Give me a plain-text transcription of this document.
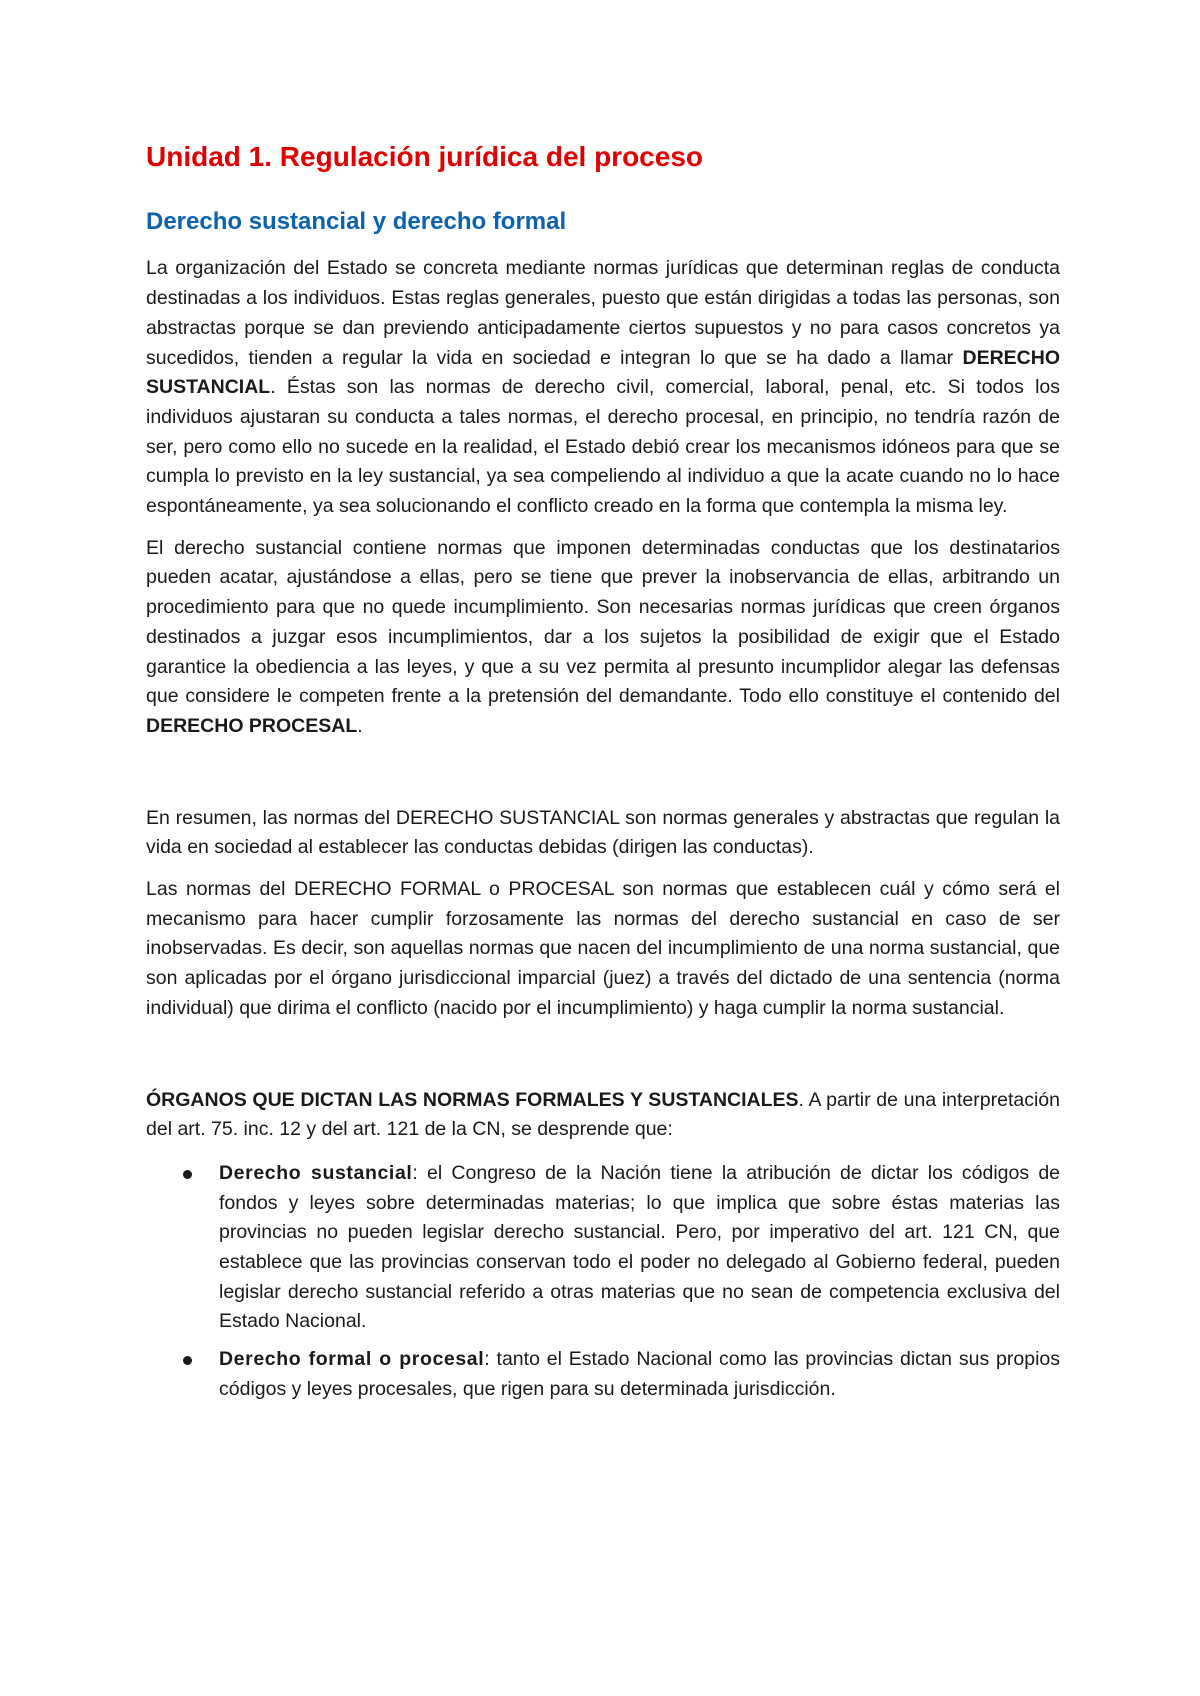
Unidad 1. Regulación jurídica del proceso
Derecho sustancial y derecho formal

La organización del Estado se concreta mediante normas jurídicas que determinan reglas de conducta destinadas a los individuos. Estas reglas generales, puesto que están dirigidas a todas las personas, son abstractas porque se dan previendo anticipadamente ciertos supuestos y no para casos concretos ya sucedidos, tienden a regular la vida en sociedad e integran lo que se ha dado a llamar DERECHO SUSTANCIAL. Éstas son las normas de derecho civil, comercial, laboral, penal, etc. Si todos los individuos ajustaran su conducta a tales normas, el derecho procesal, en principio, no tendría razón de ser, pero como ello no sucede en la realidad, el Estado debió crear los mecanismos idóneos para que se cumpla lo previsto en la ley sustancial, ya sea compeliendo al individuo a que la acate cuando no lo hace espontáneamente, ya sea solucionando el conflicto creado en la forma que contempla la misma ley.

El derecho sustancial contiene normas que imponen determinadas conductas que los destinatarios pueden acatar, ajustándose a ellas, pero se tiene que prever la inobservancia de ellas, arbitrando un procedimiento para que no quede incumplimiento. Son necesarias normas jurídicas que creen órganos destinados a juzgar esos incumplimientos, dar a los sujetos la posibilidad de exigir que el Estado garantice la obediencia a las leyes, y que a su vez permita al presunto incumplidor alegar las defensas que considere le competen frente a la pretensión del demandante. Todo ello constituye el contenido del DERECHO PROCESAL.

En resumen, las normas del DERECHO SUSTANCIAL son normas generales y abstractas que regulan la vida en sociedad al establecer las conductas debidas (dirigen las conductas).

Las normas del DERECHO FORMAL o PROCESAL son normas que establecen cuál y cómo será el mecanismo para hacer cumplir forzosamente las normas del derecho sustancial en caso de ser inobservadas. Es decir, son aquellas normas que nacen del incumplimiento de una norma sustancial, que son aplicadas por el órgano jurisdiccional imparcial (juez) a través del dictado de una sentencia (norma individual) que dirima el conflicto (nacido por el incumplimiento) y haga cumplir la norma sustancial.

ÓRGANOS QUE DICTAN LAS NORMAS FORMALES Y SUSTANCIALES. A partir de una interpretación del art. 75. inc. 12 y del art. 121 de la CN, se desprende que:

Derecho sustancial: el Congreso de la Nación tiene la atribución de dictar los códigos de fondos y leyes sobre determinadas materias; lo que implica que sobre éstas materias las provincias no pueden legislar derecho sustancial. Pero, por imperativo del art. 121 CN, que establece que las provincias conservan todo el poder no delegado al Gobierno federal, pueden legislar derecho sustancial referido a otras materias que no sean de competencia exclusiva del Estado Nacional.
Derecho formal o procesal: tanto el Estado Nacional como las provincias dictan sus propios códigos y leyes procesales, que rigen para su determinada jurisdicción.
